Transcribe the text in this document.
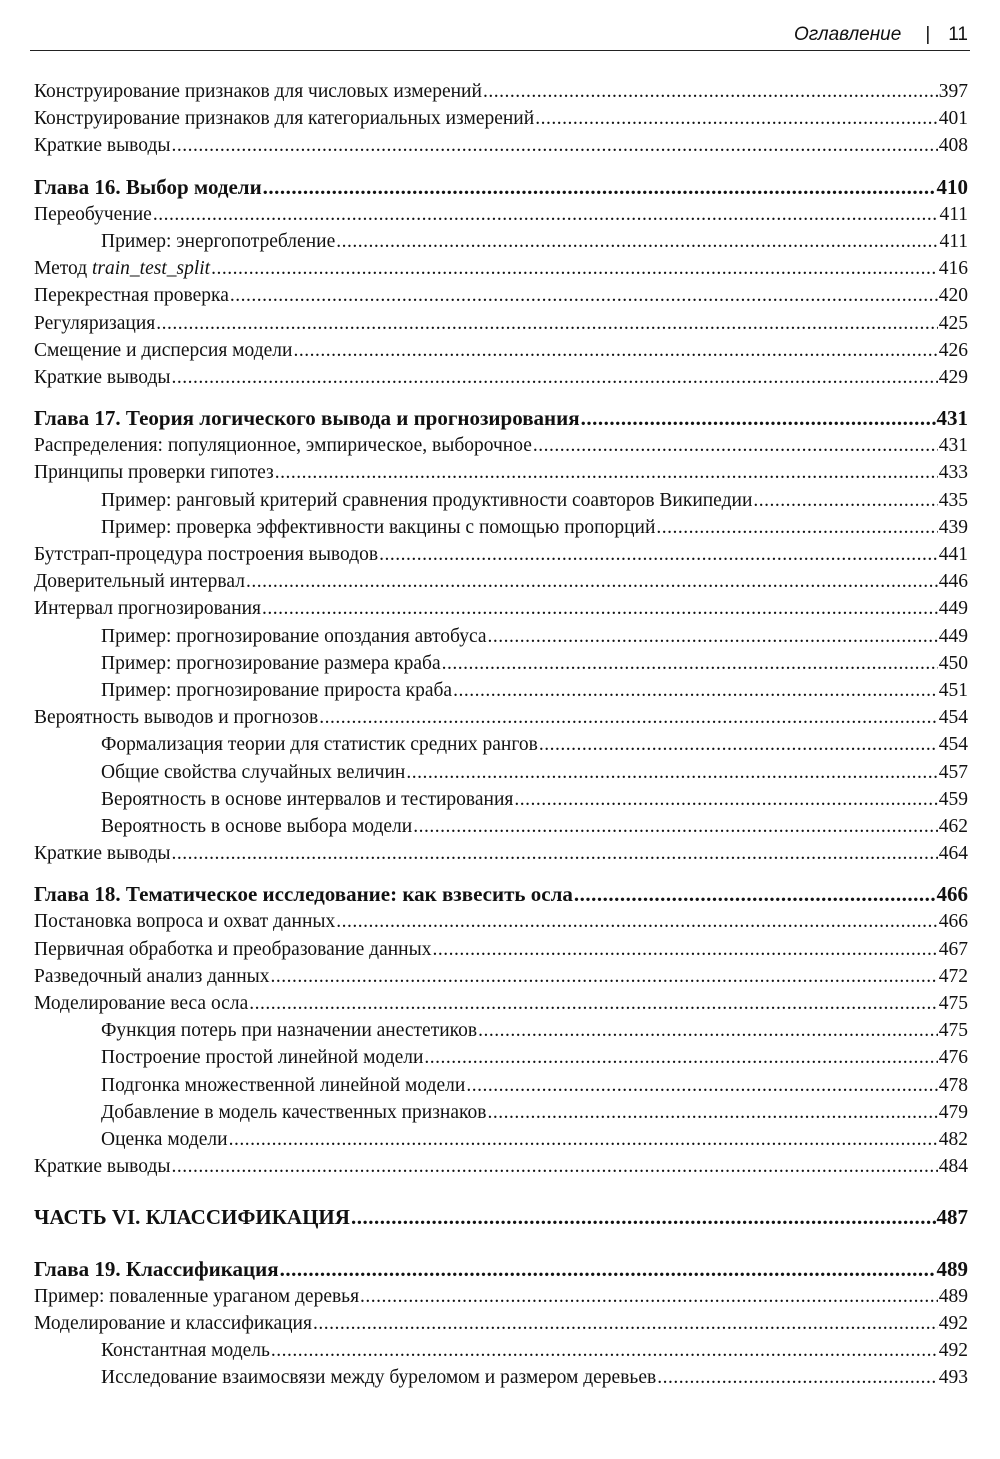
Оглавление | 11
Конструирование признаков для числовых измерений .....	397
Конструирование признаков для категориальных измерений .....	401
Краткие выводы .....	408
Глава 16. Выбор модели .....	410
Переобучение .....	411
Пример: энергопотребление .....	411
Метод train_test_split .....	416
Перекрестная проверка .....	420
Регуляризация .....	425
Смещение и дисперсия модели .....	426
Краткие выводы .....	429
Глава 17. Теория логического вывода и прогнозирования .....	431
Распределения: популяционное, эмпирическое, выборочное .....	431
Принципы проверки гипотез .....	433
Пример: ранговый критерий сравнения продуктивности соавторов Википедии .....	435
Пример: проверка эффективности вакцины с помощью пропорций .....	439
Бутстрап-процедура построения выводов .....	441
Доверительный интервал .....	446
Интервал прогнозирования .....	449
Пример: прогнозирование опоздания автобуса .....	449
Пример: прогнозирование размера краба .....	450
Пример: прогнозирование прироста краба .....	451
Вероятность выводов и прогнозов .....	454
Формализация теории для статистик средних рангов .....	454
Общие свойства случайных величин .....	457
Вероятность в основе интервалов и тестирования .....	459
Вероятность в основе выбора модели .....	462
Краткие выводы .....	464
Глава 18. Тематическое исследование: как взвесить осла .....	466
Постановка вопроса и охват данных .....	466
Первичная обработка и преобразование данных .....	467
Разведочный анализ данных .....	472
Моделирование веса осла .....	475
Функция потерь при назначении анестетиков .....	475
Построение простой линейной модели .....	476
Подгонка множественной линейной модели .....	478
Добавление в модель качественных признаков .....	479
Оценка модели .....	482
Краткие выводы .....	484
ЧАСТЬ VI. КЛАССИФИКАЦИЯ .....	487
Глава 19. Классификация .....	489
Пример: поваленные ураганом деревья .....	489
Моделирование и классификация .....	492
Константная модель .....	492
Исследование взаимосвязи между буреломом и размером деревьев .....	493
